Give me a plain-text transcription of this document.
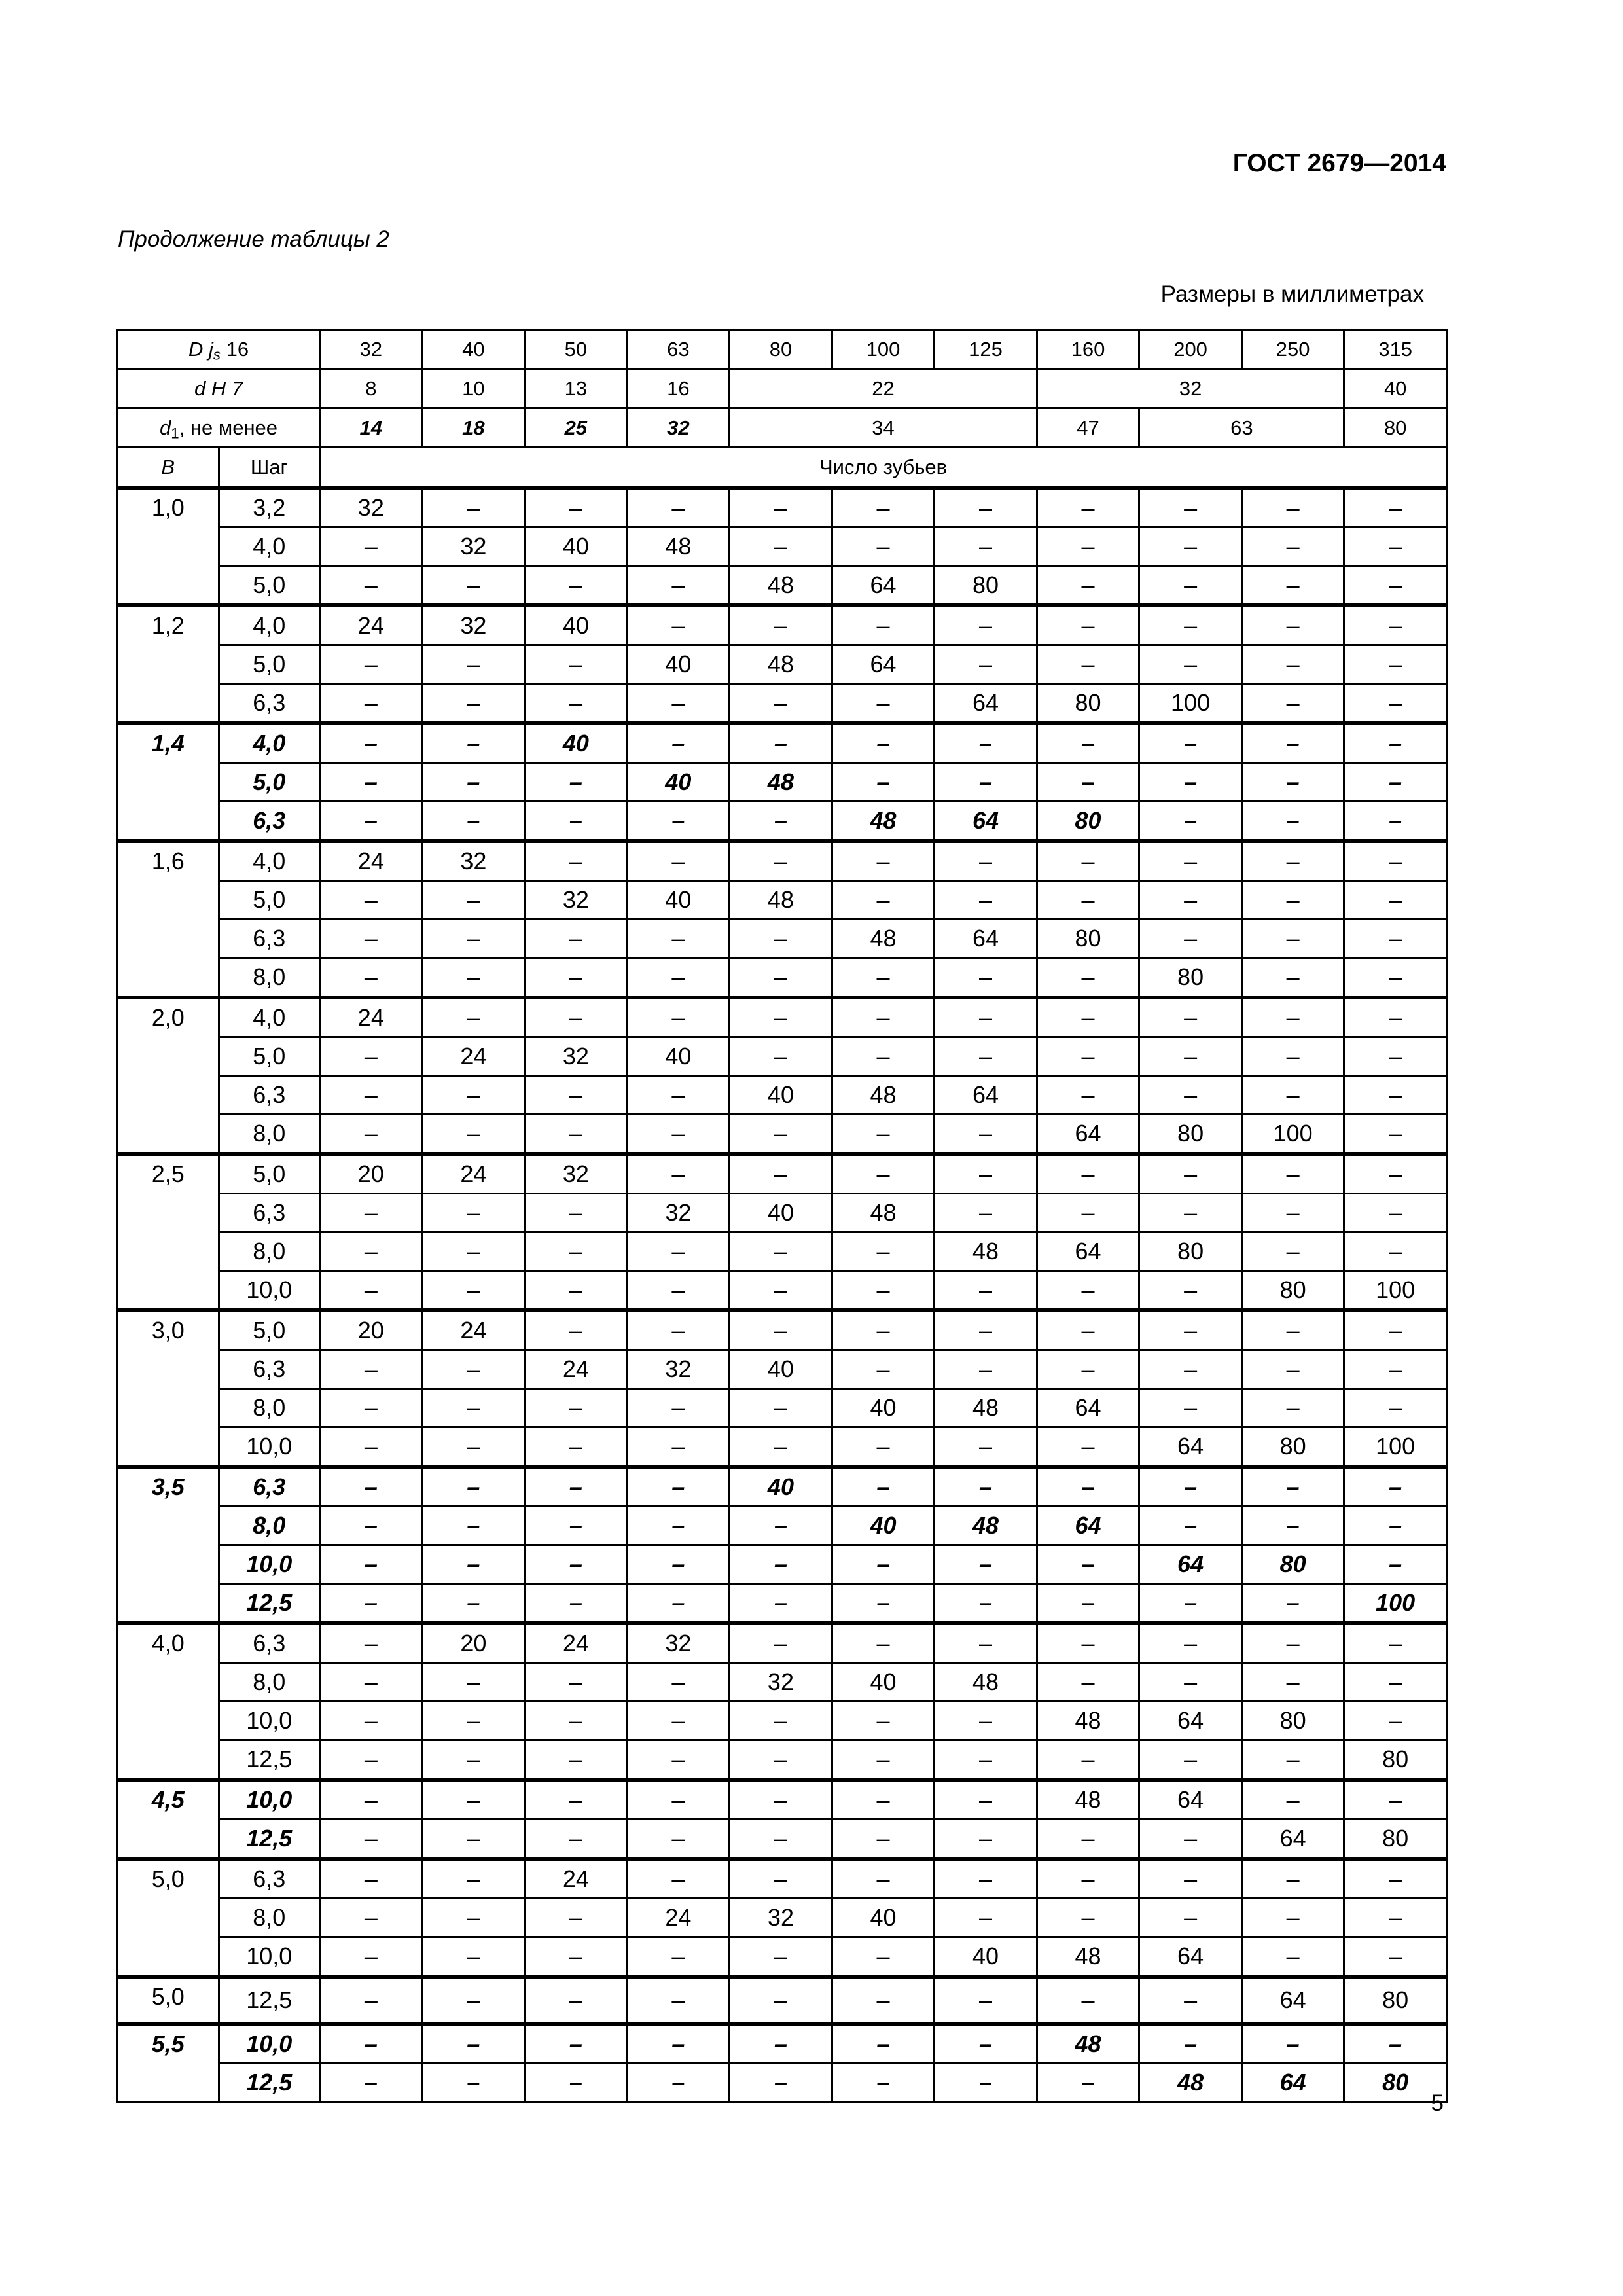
ГОСТ 2679—2014
Продолжение таблицы 2
Размеры в миллиметрах
D $j_s$ 16		32	40	50	63	80	100	125	160	200	250	315
d H 7		8	10	13	16	22			32			40
$d_1$, не менее		14	18	25	32	34			47	63		80
B	Шаг	Число зубьев										
1,0	3,2	32	–	–	–	–	–	–	–	–	–	–
	4,0	–	32	40	48	–	–	–	–	–	–	–
	5,0	–	–	–	–	48	64	80	–	–	–	–
1,2	4,0	24	32	40	–	–	–	–	–	–	–	–
	5,0	–	–	–	40	48	64	–	–	–	–	–
	6,3	–	–	–	–	–	–	64	80	100	–	–
1,4	4,0	–	–	40	–	–	–	–	–	–	–	–
	5,0	–	–	–	40	48	–	–	–	–	–	–
	6,3	–	–	–	–	–	48	64	80	–	–	–
1,6	4,0	24	32	–	–	–	–	–	–	–	–	–
	5,0	–	–	32	40	48	–	–	–	–	–	–
	6,3	–	–	–	–	–	48	64	80	–	–	–
	8,0	–	–	–	–	–	–	–	–	80	–	–
2,0	4,0	24	–	–	–	–	–	–	–	–	–	–
	5,0	–	24	32	40	–	–	–	–	–	–	–
	6,3	–	–	–	–	40	48	64	–	–	–	–
	8,0	–	–	–	–	–	–	–	64	80	100	–
2,5	5,0	20	24	32	–	–	–	–	–	–	–	–
	6,3	–	–	–	32	40	48	–	–	–	–	–
	8,0	–	–	–	–	–	–	48	64	80	–	–
	10,0	–	–	–	–	–	–	–	–	–	80	100
3,0	5,0	20	24	–	–	–	–	–	–	–	–	–
	6,3	–	–	24	32	40	–	–	–	–	–	–
	8,0	–	–	–	–	–	40	48	64	–	–	–
	10,0	–	–	–	–	–	–	–	–	64	80	100
3,5	6,3	–	–	–	–	40	–	–	–	–	–	–
	8,0	–	–	–	–	–	40	48	64	–	–	–
	10,0	–	–	–	–	–	–	–	–	64	80	–
	12,5	–	–	–	–	–	–	–	–	–	–	100
4,0	6,3	–	20	24	32	–	–	–	–	–	–	–
	8,0	–	–	–	–	32	40	48	–	–	–	–
	10,0	–	–	–	–	–	–	–	48	64	80	–
	12,5	–	–	–	–	–	–	–	–	–	–	80
4,5	10,0	–	–	–	–	–	–	–	48	64	–	–
	12,5	–	–	–	–	–	–	–	–	–	64	80
5,0	6,3	–	–	24	–	–	–	–	–	–	–	–
	8,0	–	–	–	24	32	40	–	–	–	–	–
	10,0	–	–	–	–	–	–	40	48	64	–	–
5,0	12,5	–	–	–	–	–	–	–	–	–	64	80
5,5	10,0	–	–	–	–	–	–	–	48	–	–	–
	12,5	–	–	–	–	–	–	–	–	48	64	80
5
